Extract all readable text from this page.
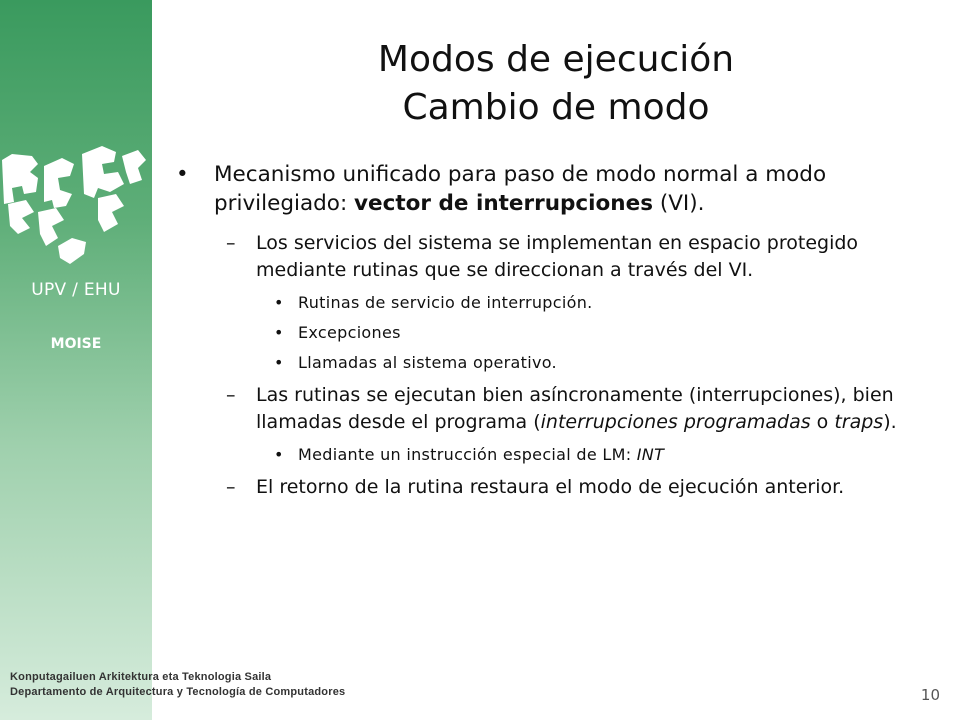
UPV / EHU
MOISE
Modos de ejecución
Cambio de modo
• Mecanismo unificado para paso de modo normal a modo privilegiado: vector de interrupciones (VI).
– Los servicios del sistema se implementan en espacio protegido mediante rutinas que se direccionan a través del VI.
• Rutinas de servicio de interrupción.
• Excepciones
• Llamadas al sistema operativo.
– Las rutinas se ejecutan bien asíncronamente (interrupciones), bien llamadas desde el programa (interrupciones programadas o traps).
• Mediante un instrucción especial de LM: INT
– El retorno de la rutina restaura el modo de ejecución anterior.
Konputagailuen Arkitektura eta Teknologia Saila
Departamento de Arquitectura y Tecnología de Computadores	10
